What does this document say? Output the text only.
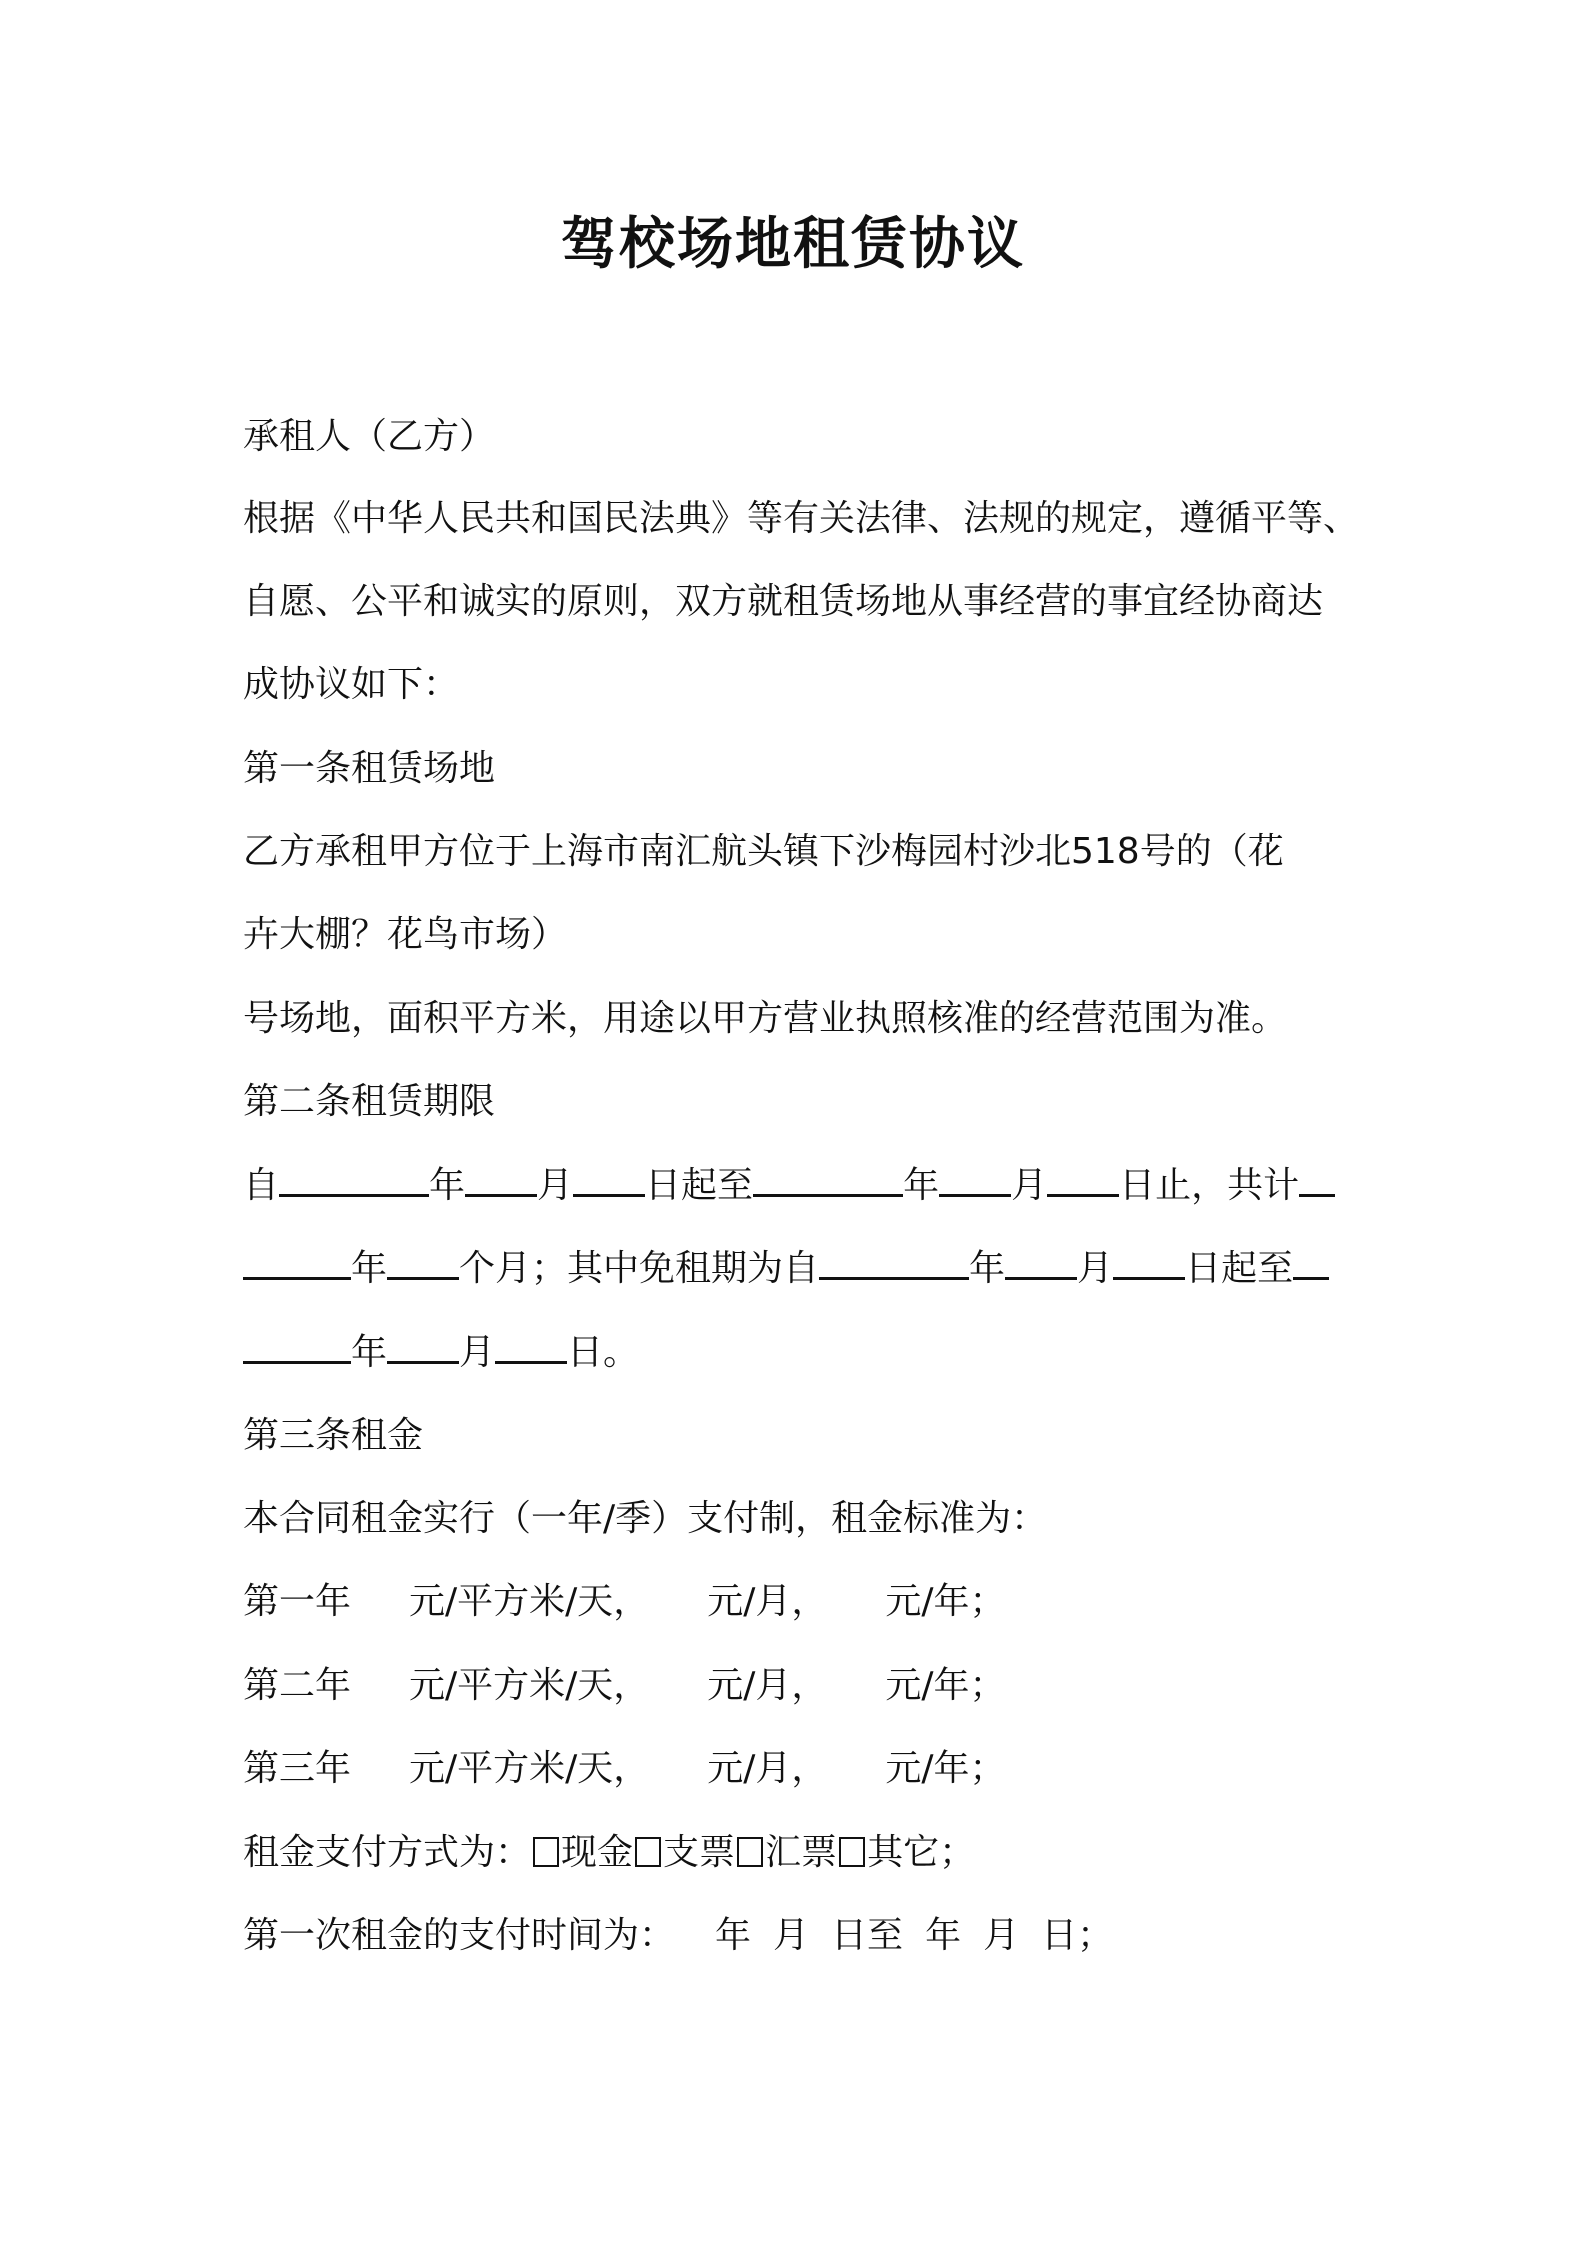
驾校场地租赁协议
承租人（乙方）
根据《中华人民共和国民法典》等有关法律、法规的规定，遵循平等、
自愿、公平和诚实的原则，双方就租赁场地从事经营的事宜经协商达
成协议如下：
第一条租赁场地
乙方承租甲方位于上海市南汇航头镇下沙梅园村沙北518号的（花
卉大棚？花鸟市场）
号场地，面积平方米，用途以甲方营业执照核准的经营范围为准。
第二条租赁期限
自	年 月 日起至	年 月 日止，共计
年 个月；其中免租期为自	年 月 日起至
年 月 日。
第三条租金
本合同租金实行（一年/季）支付制，租金标准为：
第一年 元/平方米/天， 元/月， 元/年；
第二年 元/平方米/天， 元/月， 元/年；
第三年 元/平方米/天， 元/月， 元/年；
租金支付方式为： 现金 支票 汇票 其它；
第一次租金的支付时间为： 年 月 日至 年 月 日；
